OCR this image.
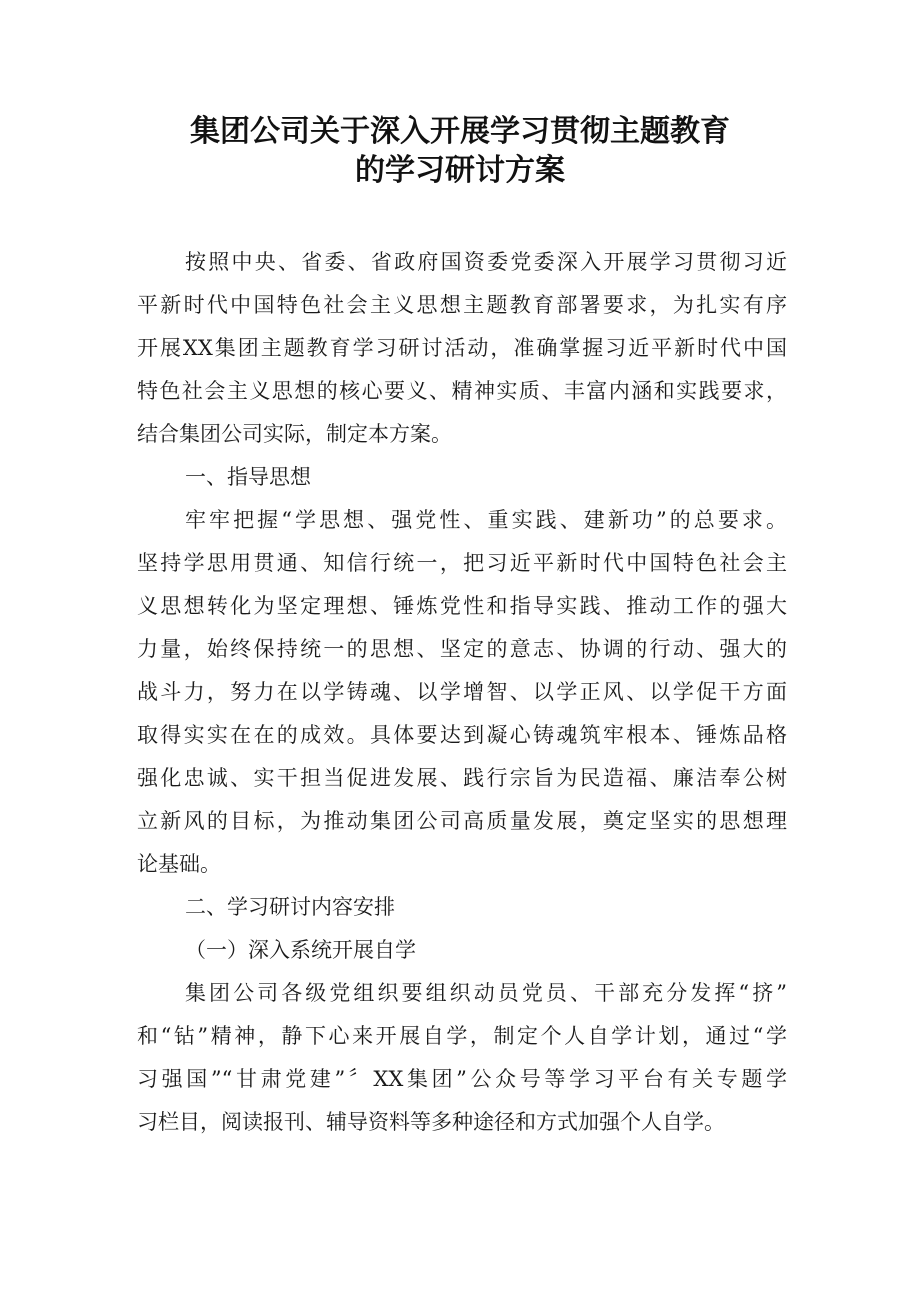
集团公司关于深入开展学习贯彻主题教育
的学习研讨方案
按照中央、省委、省政府国资委党委深入开展学习贯彻习近
平新时代中国特色社会主义思想主题教育部署要求，为扎实有序
开展XX集团主题教育学习研讨活动，准确掌握习近平新时代中国
特色社会主义思想的核心要义、精神实质、丰富内涵和实践要求，
结合集团公司实际，制定本方案。
一、指导思想
牢牢把握“学思想、强党性、重实践、建新功”的总要求。
坚持学思用贯通、知信行统一，把习近平新时代中国特色社会主
义思想转化为坚定理想、锤炼党性和指导实践、推动工作的强大
力量，始终保持统一的思想、坚定的意志、协调的行动、强大的
战斗力，努力在以学铸魂、以学增智、以学正风、以学促干方面
取得实实在在的成效。具体要达到凝心铸魂筑牢根本、锤炼品格
强化忠诚、实干担当促进发展、践行宗旨为民造福、廉洁奉公树
立新风的目标，为推动集团公司高质量发展，奠定坚实的思想理
论基础。
二、学习研讨内容安排
（一）深入系统开展自学
集团公司各级党组织要组织动员党员、干部充分发挥“挤”
和“钻”精神，静下心来开展自学，制定个人自学计划，通过“学
习强国”“甘肃党建”〞XX集团”公众号等学习平台有关专题学
习栏目，阅读报刊、辅导资料等多种途径和方式加强个人自学。
